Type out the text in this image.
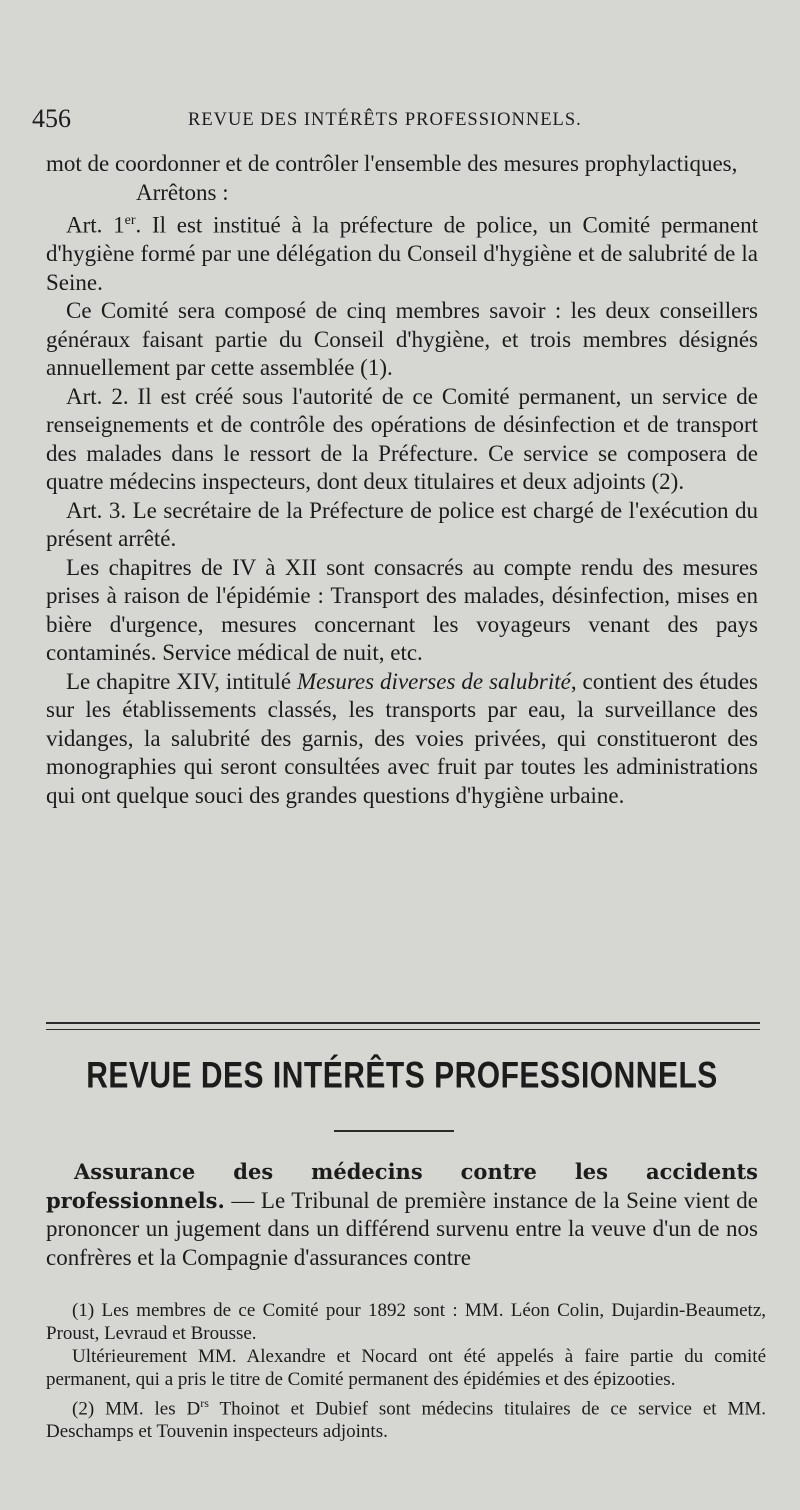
456	REVUE DES INTÉRÊTS PROFESSIONNELS.

mot de coordonner et de contrôler l'ensemble des mesures prophylactiques,

Arrêtons :

Art. 1er. Il est institué à la préfecture de police, un Comité permanent d'hygiène formé par une délégation du Conseil d'hygiène et de salubrité de la Seine.

Ce Comité sera composé de cinq membres savoir : les deux conseillers généraux faisant partie du Conseil d'hygiène, et trois membres désignés annuellement par cette assemblée (1).

Art. 2. Il est créé sous l'autorité de ce Comité permanent, un service de renseignements et de contrôle des opérations de désinfection et de transport des malades dans le ressort de la Préfecture. Ce service se composera de quatre médecins inspecteurs, dont deux titulaires et deux adjoints (2).

Art. 3. Le secrétaire de la Préfecture de police est chargé de l'exécution du présent arrêté.

Les chapitres de IV à XII sont consacrés au compte rendu des mesures prises à raison de l'épidémie : Transport des malades, désinfection, mises en bière d'urgence, mesures concernant les voyageurs venant des pays contaminés. Service médical de nuit, etc.

Le chapitre XIV, intitulé Mesures diverses de salubrité, contient des études sur les établissements classés, les transports par eau, la surveillance des vidanges, la salubrité des garnis, des voies privées, qui constitueront des monographies qui seront consultées avec fruit par toutes les administrations qui ont quelque souci des grandes questions d'hygiène urbaine.

REVUE DES INTÉRÊTS PROFESSIONNELS

Assurance des médecins contre les accidents professionnels. — Le Tribunal de première instance de la Seine vient de prononcer un jugement dans un différend survenu entre la veuve d'un de nos confrères et la Compagnie d'assurances contre

(1) Les membres de ce Comité pour 1892 sont : MM. Léon Colin, Dujardin-Beaumetz, Proust, Levraud et Brousse.

Ultérieurement MM. Alexandre et Nocard ont été appelés à faire partie du comité permanent, qui a pris le titre de Comité permanent des épidémies et des épizooties.

(2) MM. les $D^{rs}$ Thoinot et Dubief sont médecins titulaires de ce service et MM. Deschamps et Touvenin inspecteurs adjoints.
